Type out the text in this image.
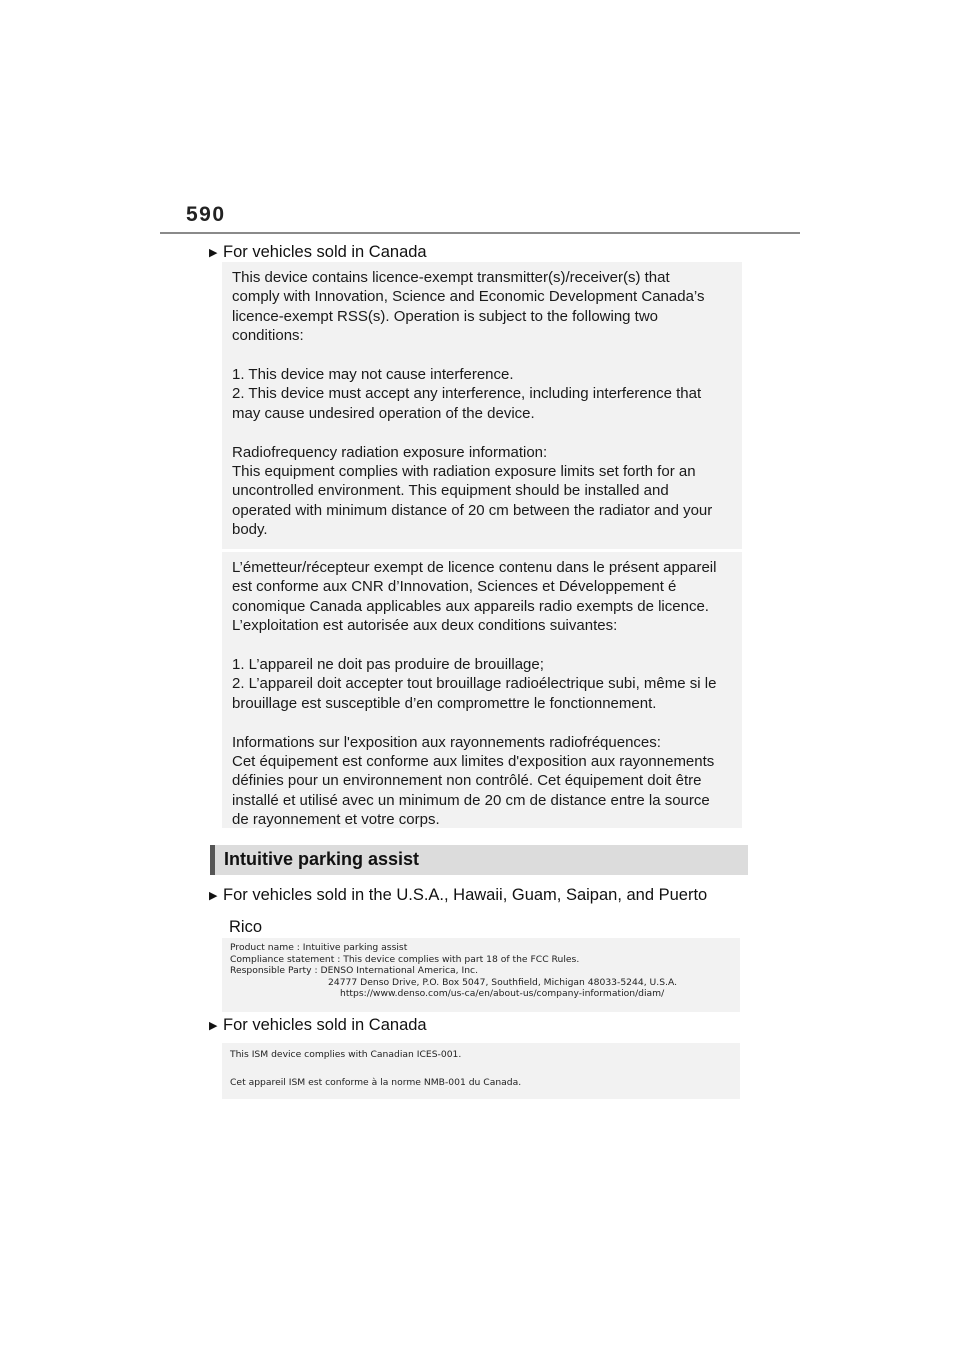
590
▶ For vehicles sold in Canada

This device contains licence-exempt transmitter(s)/receiver(s) that
comply with Innovation, Science and Economic Development Canada’s
licence-exempt RSS(s). Operation is subject to the following two
conditions:

1. This device may not cause interference.
2. This device must accept any interference, including interference that
may cause undesired operation of the device.

Radiofrequency radiation exposure information:
This equipment complies with radiation exposure limits set forth for an
uncontrolled environment. This equipment should be installed and
operated with minimum distance of 20 cm between the radiator and your
body.

L’émetteur/récepteur exempt de licence contenu dans le présent appareil
est conforme aux CNR d’Innovation, Sciences et Développement é
conomique Canada applicables aux appareils radio exempts de licence.
L’exploitation est autorisée aux deux conditions suivantes:

1. L’appareil ne doit pas produire de brouillage;
2. L’appareil doit accepter tout brouillage radioélectrique subi, même si le
brouillage est susceptible d’en compromettre le fonctionnement.

Informations sur l'exposition aux rayonnements radiofréquences:
Cet équipement est conforme aux limites d'exposition aux rayonnements
définies pour un environnement non contrôlé. Cet équipement doit être
installé et utilisé avec un minimum de 20 cm de distance entre la source
de rayonnement et votre corps.

Intuitive parking assist
▶ For vehicles sold in the U.S.A., Hawaii, Guam, Saipan, and Puerto
Rico
Product name : Intuitive parking assist
Compliance statement : This device complies with part 18 of the FCC Rules.
Responsible Party : DENSO International America, Inc.
24777 Denso Drive, P.O. Box 5047, Southfield, Michigan 48033-5244, U.S.A.
https://www.denso.com/us-ca/en/about-us/company-information/diam/
▶ For vehicles sold in Canada
This ISM device complies with Canadian ICES-001.
Cet appareil ISM est conforme à la norme NMB-001 du Canada.
